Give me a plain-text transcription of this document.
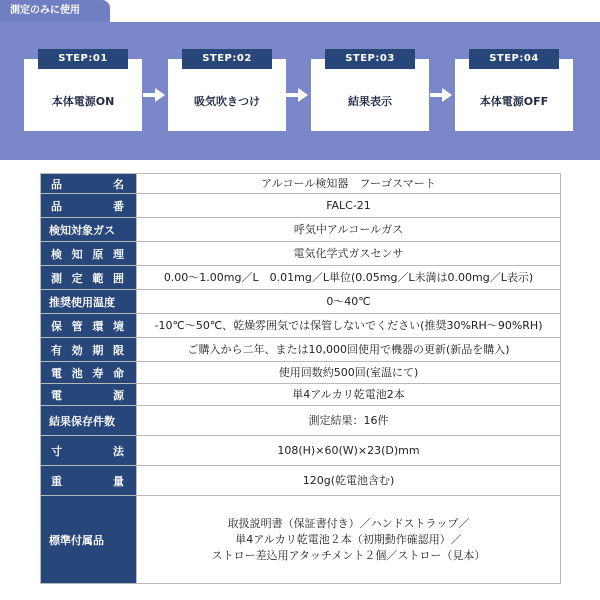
測定のみに使用
STEP:01
本体電源ON
STEP:02
吸気吹きつけ
STEP:03
結果表示
STEP:04
本体電源OFF
品 名	アルコール検知器　フーゴスマート

品 番	FALC-21

検知対象ガス	呼気中アルコールガス

検 知 原 理	電気化学式ガスセンサ

測 定 範 囲	0.00〜1.00mg／L　0.01mg／L単位(0.05mg／L未満は0.00mg／L表示)

推奨使用温度	0〜40℃

保 管 環 境	-10℃〜50℃、乾燥雰囲気では保管しないでください(推奨30%RH〜90%RH)

有 効 期 限	ご購入から二年、または10,000回使用で機器の更新(新品を購入)

電 池 寿 命	使用回数約500回(室温にて)

電 源	単4アルカリ乾電池2本

結果保存件数	測定結果：16件

寸 法	108(H)×60(W)×23(D)mm

重 量	120g(乾電池含む)

標準付属品	取扱説明書（保証書付き）／ハンドストラップ／
単4アルカリ乾電池２本（初期動作確認用）／
ストロー差込用アタッチメント２個／ストロー（見本）
